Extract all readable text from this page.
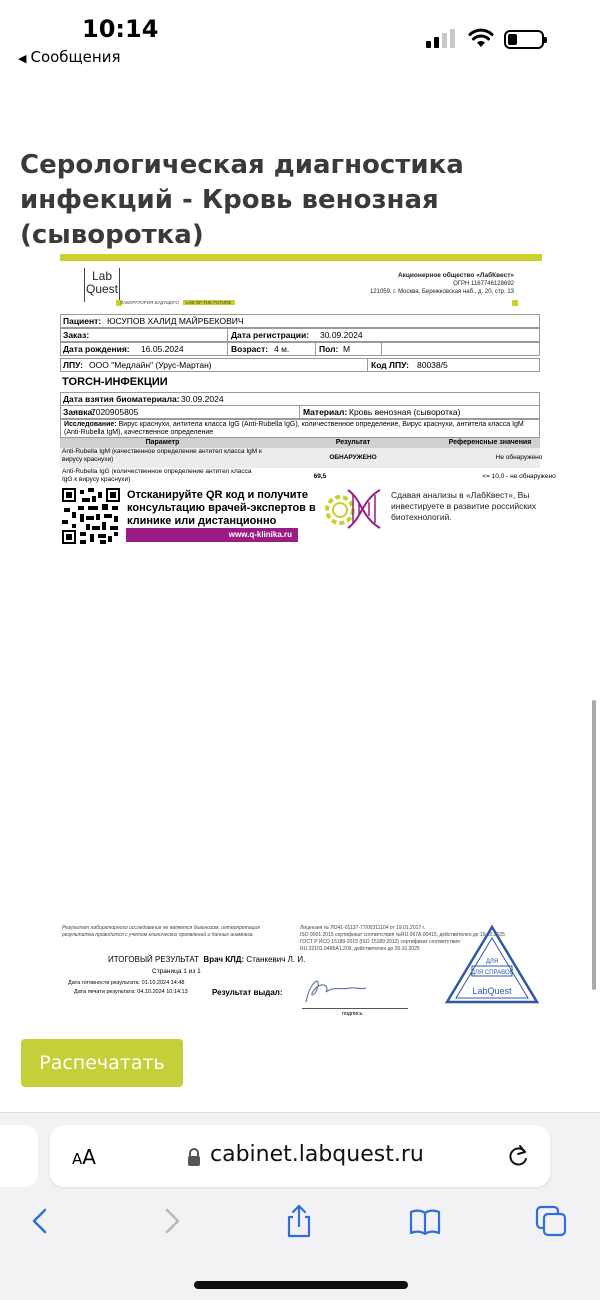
10:14
◀ Сообщения
Серологическая диагностика инфекций - Кровь венозная (сыворотка)
Lab Quest
ЛАБОРАТОРИЯ БУДУЩЕГО LAB OF THE FUTURE
Акционерное общество «ЛабКвест»
ОГРН 1167746128692
121059, г. Москва, Бережковская наб., д. 20, стр. 13
Пациент: ЮСУПОВ ХАЛИД МАЙРБЕКОВИЧ
Заказ:	Дата регистрации: 30.09.2024
Дата рождения: 16.05.2024	Возраст: 4 м.	Пол: М
ЛПУ: ООО "Медлайн" (Урус-Мартан)	Код ЛПУ: 80038/5
TORCH-ИНФЕКЦИИ
Дата взятия биоматериала: 30.09.2024
Заявка:
7020905805	Материал: Кровь венозная (сыворотка)
Исследование: Вирус краснухи, антитела класса IgG (Anti-Rubella IgG), количественное определение, Вирус краснухи, антитела класса IgM (Anti-Rubella IgM), качественное определение
Параметр	Результат	Референсные значения
Anti-Rubella IgM (качественное определение антител класса IgM к вирусу краснухи)	ОБНАРУЖЕНО	Не обнаружено
Anti-Rubella IgG (количественное определение антител класса IgG к вирусу краснухи)	69,5	<= 10,0 - не обнаружено
Отсканируйте QR код и получите консультацию врачей-экспертов в клинике или дистанционно
www.q-klinika.ru
Сдавая анализы в «ЛабКвест», Вы инвестируете в развитие российских биотехнологий.
Результат лабораторного исследования не является диагнозом, интерпретация результатов проводится с учетом клинических проявлений и данных анамнеза.
Лицензия № ЛО41-01137-77/00311104 от 19.01.2017 г.
ISO 9001:2015 сертификат соответствия №RU.067А.00415, действителен до 19.10.2025
ГОСТ Р ИСО 15189-2015 (ISO 15189:2012) сертификат соответствия
RU.32101.04КБА1.209, действителен до 20.10.2025
ИТОГОВЫЙ РЕЗУЛЬТАТ Врач КЛД: Станкевич Л. И.
Страница 1 из 1
Дата готовности результата: 01.10.2024 14:48
Дата печати результата: 04.10.2024 10:14:13	Результат выдал:
подпись
ДЛЯ
ДЛЯ СПРАВОК
LabQuest
Распечатать
AA	cabinet.labquest.ru
